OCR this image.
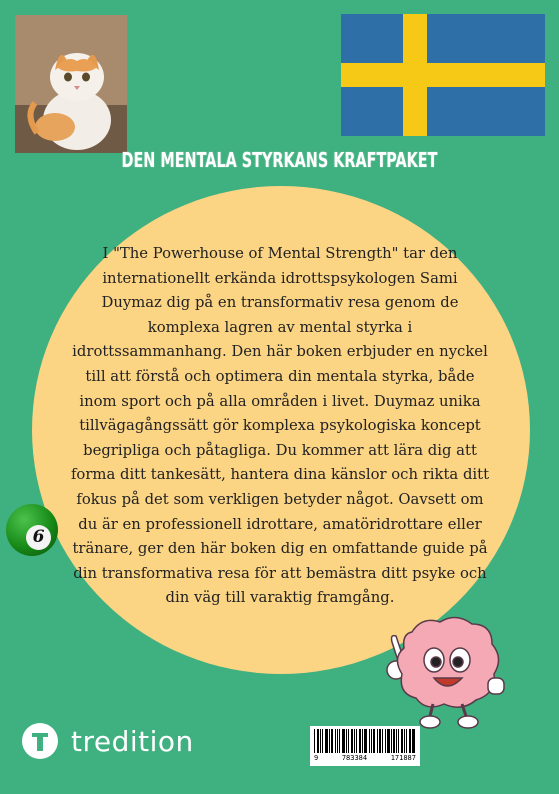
DEN MENTALA STYRKANS KRAFTPAKET
I "The Powerhouse of Mental Strength" tar den internationellt erkända idrottspsykologen Sami Duymaz dig på en transformativ resa genom de komplexa lagren av mental styrka i idrottssammanhang. Den här boken erbjuder en nyckel till att förstå och optimera din mentala styrka, både inom sport och på alla områden i livet. Duymaz unika tillvägagångssätt gör komplexa psykologiska koncept begripliga och påtagliga. Du kommer att lära dig att forma ditt tankesätt, hantera dina känslor och rikta ditt fokus på det som verkligen betyder något. Oavsett om du är en professionell idrottare, amatöridrottare eller tränare, ger den här boken dig en omfattande guide på din transformativa resa för att bemästra ditt psyke och din väg till varaktig framgång.
6
tredition
9	783384	171887
